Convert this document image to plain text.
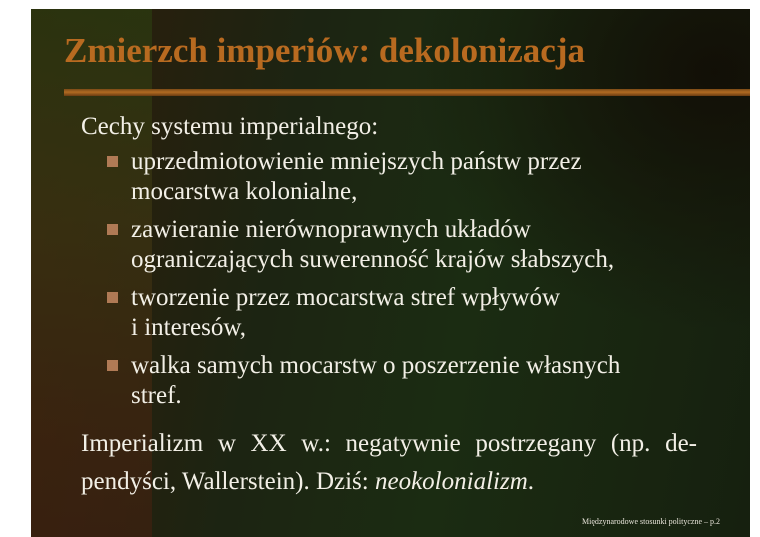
Zmierzch imperiów: dekolonizacja

Cechy systemu imperialnego:

uprzedmiotowienie mniejszych państw przez
mocarstwa kolonialne,
zawieranie nierównoprawnych układów
ograniczających suwerenność krajów słabszych,
tworzenie przez mocarstwa stref wpływów
i interesów,
walka samych mocarstw o poszerzenie własnych
stref.

Imperializm w XX w.: negatywnie postrzegany (np. de-
pendyści, Wallerstein). Dziś: neokolonializm.

Międzynarodowe stosunki polityczne – p.2
